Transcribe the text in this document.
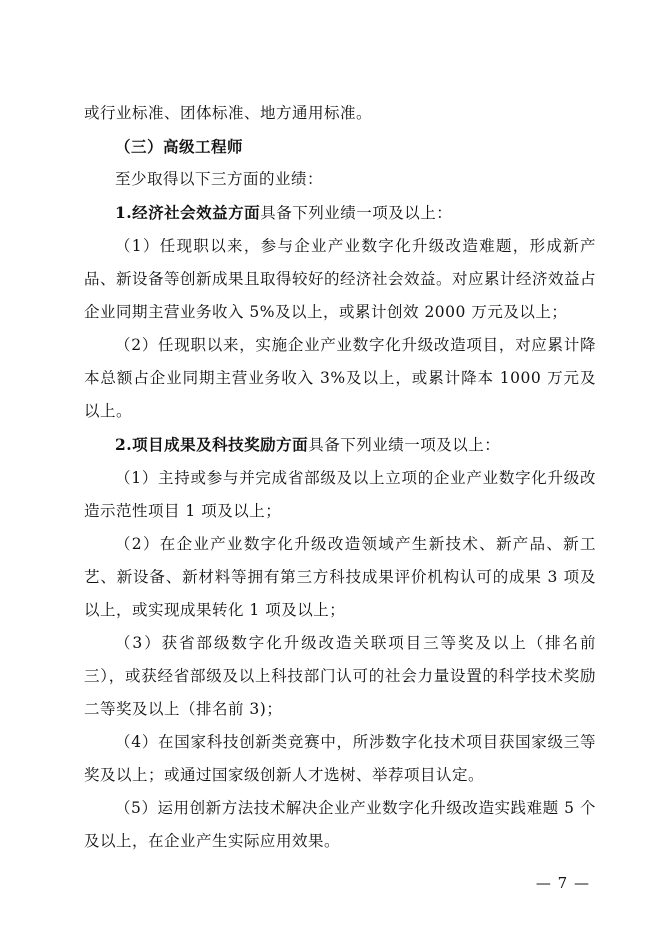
或行业标准、团体标准、地方通用标准。

（三）高级工程师

至少取得以下三方面的业绩：

1.经济社会效益方面具备下列业绩一项及以上：

（1）任现职以来，参与企业产业数字化升级改造难题，形成新产品、新设备等创新成果且取得较好的经济社会效益。对应累计经济效益占企业同期主营业务收入 5%及以上，或累计创效 2000 万元及以上；

（2）任现职以来，实施企业产业数字化升级改造项目，对应累计降本总额占企业同期主营业务收入 3%及以上，或累计降本 1000 万元及以上。

2.项目成果及科技奖励方面具备下列业绩一项及以上：

（1）主持或参与并完成省部级及以上立项的企业产业数字化升级改造示范性项目 1 项及以上；

（2）在企业产业数字化升级改造领域产生新技术、新产品、新工艺、新设备、新材料等拥有第三方科技成果评价机构认可的成果 3 项及以上，或实现成果转化 1 项及以上；

（3）获省部级数字化升级改造关联项目三等奖及以上（排名前三），或获经省部级及以上科技部门认可的社会力量设置的科学技术奖励二等奖及以上（排名前 3)；

（4）在国家科技创新类竞赛中，所涉数字化技术项目获国家级三等奖及以上；或通过国家级创新人才选树、举荐项目认定。

（5）运用创新方法技术解决企业产业数字化升级改造实践难题 5 个及以上，在企业产生实际应用效果。

— 7 —
